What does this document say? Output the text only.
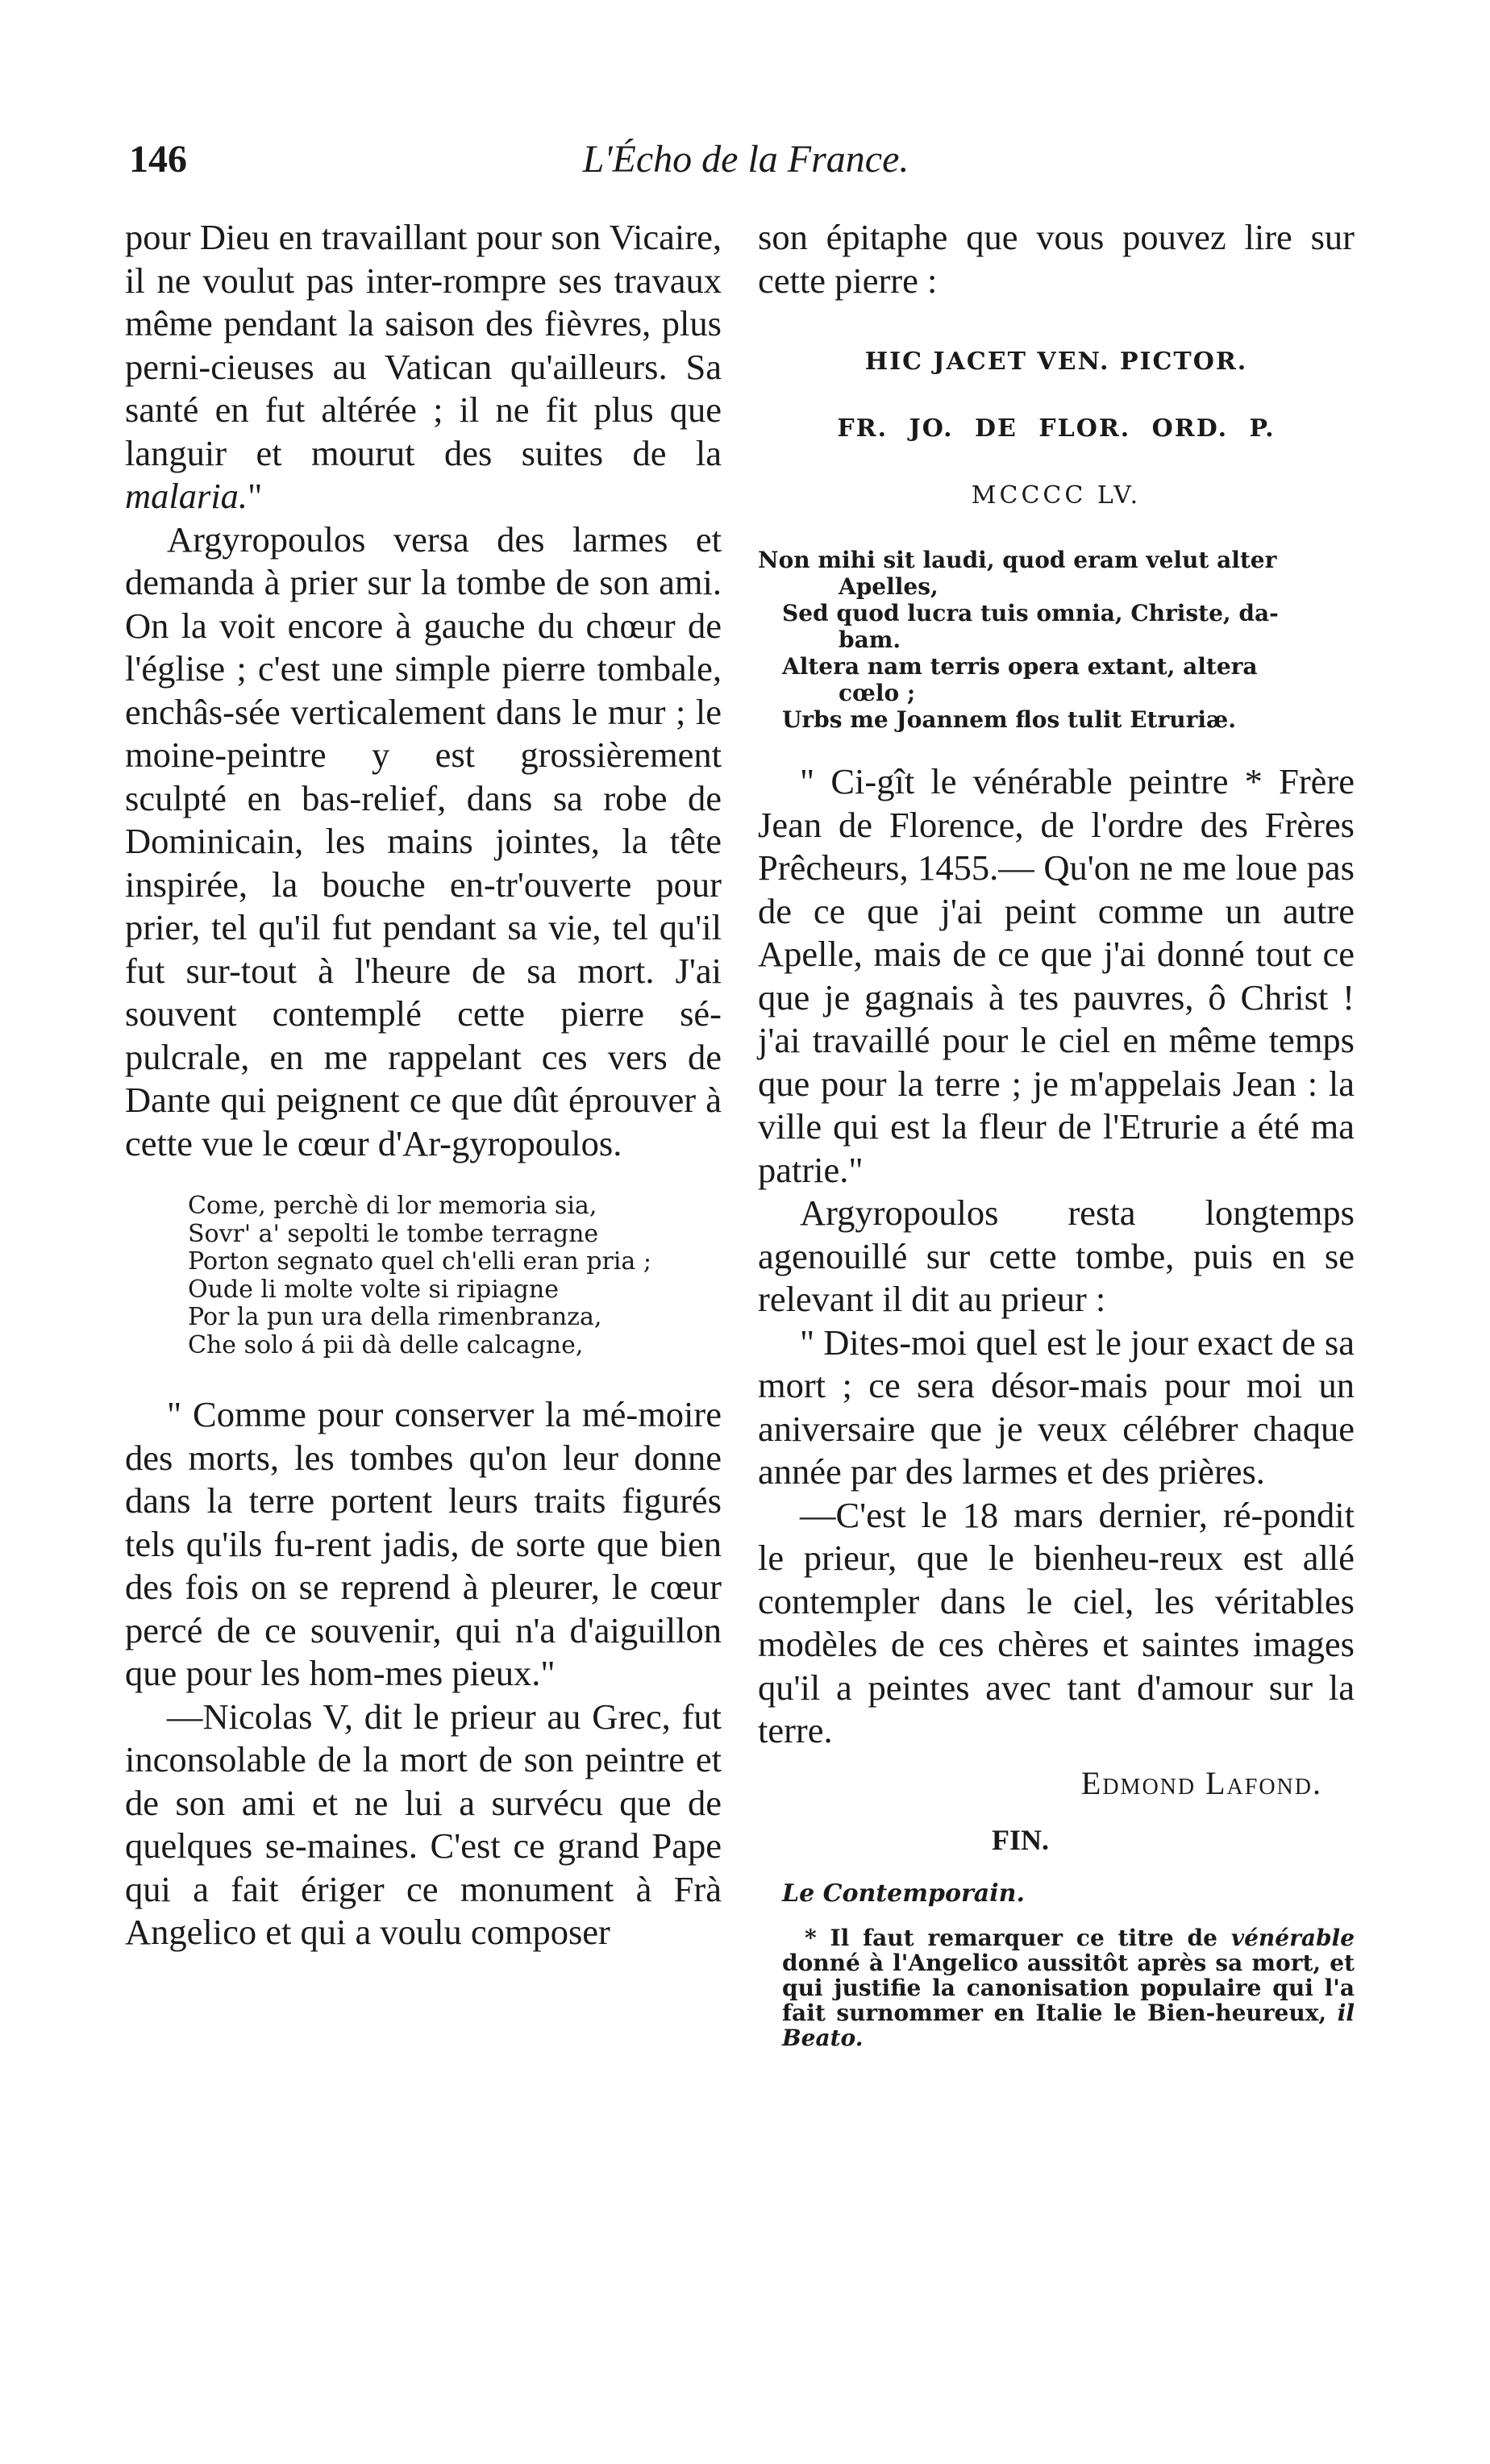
146	L'Écho de la France.

pour Dieu en travaillant pour son Vicaire, il ne voulut pas inter-rompre ses travaux même pendant la saison des fièvres, plus perni-cieuses au Vatican qu'ailleurs. Sa santé en fut altérée ; il ne fit plus que languir et mourut des suites de la malaria."

Argyropoulos versa des larmes et demanda à prier sur la tombe de son ami. On la voit encore à gauche du chœur de l'église ; c'est une simple pierre tombale, enchâs-sée verticalement dans le mur ; le moine-peintre y est grossièrement sculpté en bas-relief, dans sa robe de Dominicain, les mains jointes, la tête inspirée, la bouche en-tr'ouverte pour prier, tel qu'il fut pendant sa vie, tel qu'il fut sur-tout à l'heure de sa mort. J'ai souvent contemplé cette pierre sé-pulcrale, en me rappelant ces vers de Dante qui peignent ce que dût éprouver à cette vue le cœur d'Ar-gyropoulos.

Come, perchè di lor memoria sia,
Sovr' a' sepolti le tombe terragne
Porton segnato quel ch'elli eran pria ;
Oude li molte volte si ripiagne
Por la pun ura della rimenbranza,
Che solo á pii dà delle calcagne,

" Comme pour conserver la mé-moire des morts, les tombes qu'on leur donne dans la terre portent leurs traits figurés tels qu'ils fu-rent jadis, de sorte que bien des fois on se reprend à pleurer, le cœur percé de ce souvenir, qui n'a d'aiguillon que pour les hom-mes pieux."

—Nicolas V, dit le prieur au Grec, fut inconsolable de la mort de son peintre et de son ami et ne lui a survécu que de quelques se-maines. C'est ce grand Pape qui a fait ériger ce monument à Frà Angelico et qui a voulu composer

son épitaphe que vous pouvez lire sur cette pierre :

HIC JACET VEN. PICTOR.

FR. JO. DE FLOR. ORD. P.

MCCCC LV.

Non mihi sit laudi, quod eram velut alter
Apelles,
Sed quod lucra tuis omnia, Christe, da-
bam.
Altera nam terris opera extant, altera
cœlo ;
Urbs me Joannem flos tulit Etruriæ.

" Ci-gît le vénérable peintre * Frère Jean de Florence, de l'ordre des Frères Prêcheurs, 1455.— Qu'on ne me loue pas de ce que j'ai peint comme un autre Apelle, mais de ce que j'ai donné tout ce que je gagnais à tes pauvres, ô Christ ! j'ai travaillé pour le ciel en même temps que pour la terre ; je m'appelais Jean : la ville qui est la fleur de l'Etrurie a été ma patrie."

Argyropoulos resta longtemps agenouillé sur cette tombe, puis en se relevant il dit au prieur :

" Dites-moi quel est le jour exact de sa mort ; ce sera désor-mais pour moi un aniversaire que je veux célébrer chaque année par des larmes et des prières.

—C'est le 18 mars dernier, ré-pondit le prieur, que le bienheu-reux est allé contempler dans le ciel, les véritables modèles de ces chères et saintes images qu'il a peintes avec tant d'amour sur la terre.

Edmond Lafond.
FIN.
Le Contemporain.
* Il faut remarquer ce titre de vénérable donné à l'Angelico aussitôt après sa mort, et qui justifie la canonisation populaire qui l'a fait surnommer en Italie le Bien-heureux, il Beato.
